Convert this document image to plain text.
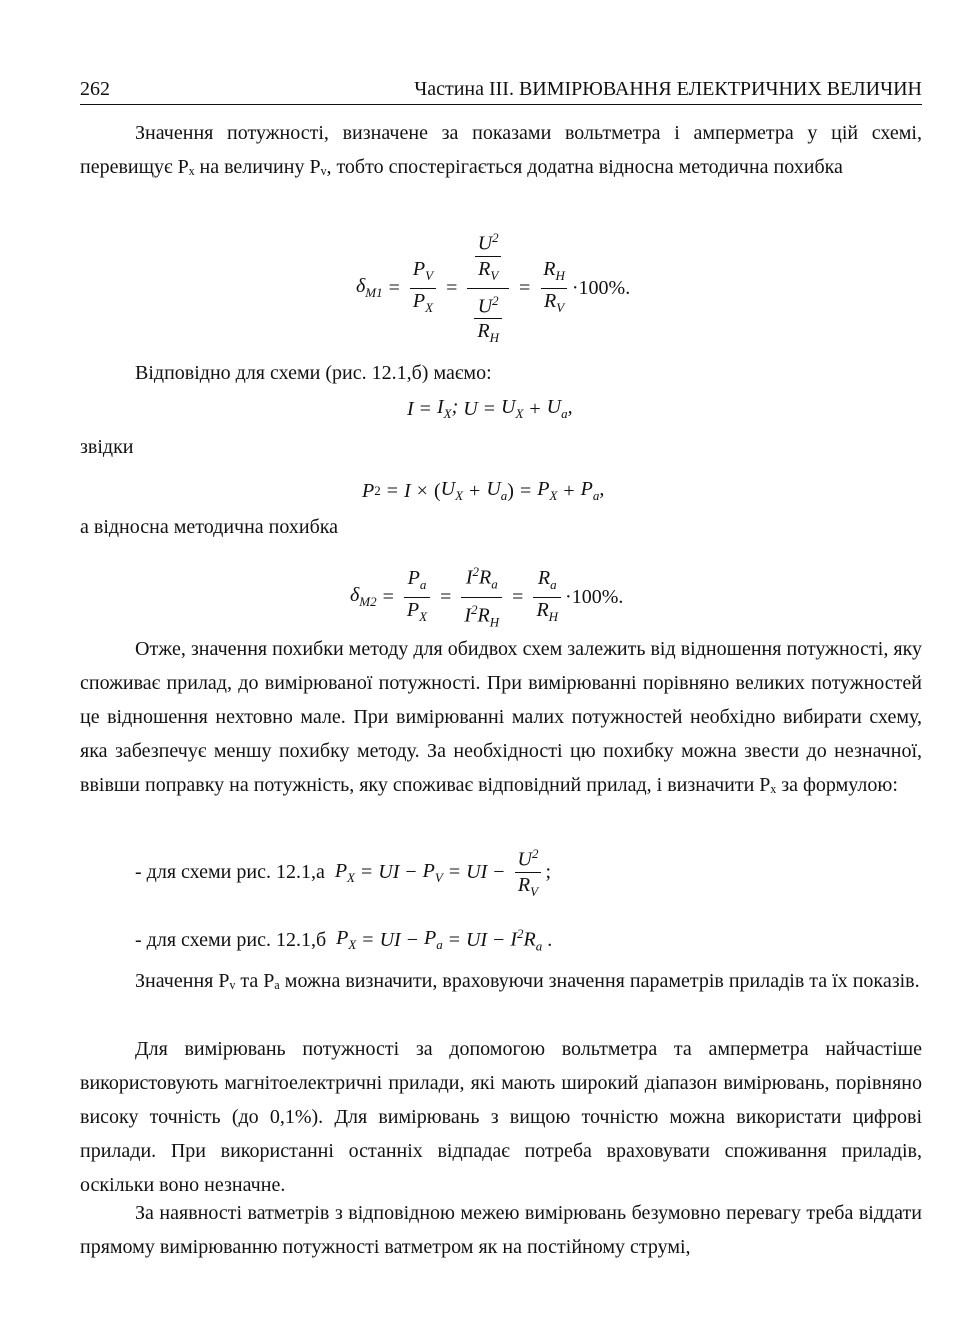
262	Частина ІІІ. ВИМІРЮВАННЯ ЕЛЕКТРИЧНИХ ВЕЛИЧИН
Значення потужності, визначене за показами вольтметра і амперметра у цій схемі, перевищує Pₓ на величину Pᵥ, тобто спостерігається додатна відносна методична похибка
$\delta_{M1} = \frac{P_V}{P_X} = \frac{\frac{U^2}{R_V}}{\frac{U^2}{R_H}} = \frac{R_H}{R_V} \cdot 100\%$.
Відповідно для схеми (рис. 12.1,б) маємо:
$I = I_X$;
$U = U_X + U_a$,
звідки
P 2 = I × ( $U_X + U_a$ ) = $P_X + P_a$,
а відносна методична похибка
$\delta_{M2} = \frac{P_a}{P_X} = \frac{I^2R_a}{I^2R_H} = \frac{R_a}{R_H} \cdot 100\%$.
Отже, значення похибки методу для обидвох схем залежить від відношення потужності, яку споживає прилад, до вимірюваної потужності. При вимірюванні порівняно великих потужностей це відношення нехтовно мале. При вимірюванні малих потужностей необхідно вибирати схему, яка забезпечує меншу похибку методу. За необхідності цю похибку можна звести до незначної, ввівши поправку на потужність, яку споживає відповідний прилад, і визначити Pₓ за формулою:
- для схеми рис. 12.1,а
$P_X$ = UI − $P_V$ = UI − $\frac{U^2}{R_V}$ ;
- для схеми рис. 12.1,б
$P_X$ = UI − $P_a$ = UI − $I^2R_a$ .
Значення Pᵥ та Pₐ можна визначити, враховуючи значення параметрів приладів та їх показів.
Для вимірювань потужності за допомогою вольтметра та амперметра найчастіше використовують магнітоелектричні прилади, які мають широкий діапазон вимірювань, порівняно високу точність (до 0,1%). Для вимірювань з вищою точністю можна використати цифрові прилади. При використанні останніх відпадає потреба враховувати споживання приладів, оскільки воно незначне.
За наявності ватметрів з відповідною межею вимірювань безумовно перевагу треба віддати прямому вимірюванню потужності ватметром як на постійному струмі,
